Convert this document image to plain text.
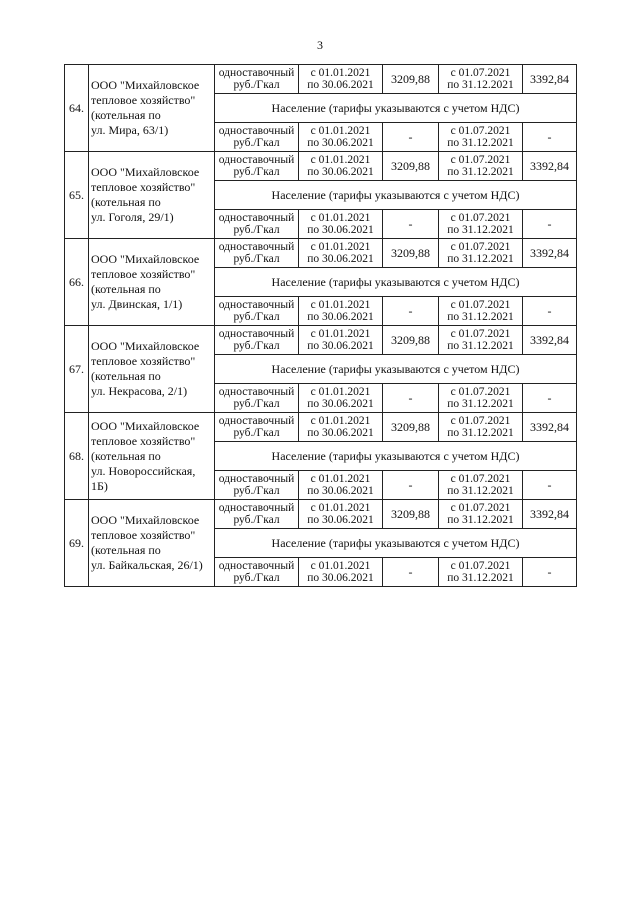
3
64.	ООО "Михайловское
тепловое хозяйство"
(котельная по
ул. Мира, 63/1)	одноставочный
руб./Гкал	с 01.01.2021
по 30.06.2021	3209,88	с 01.07.2021
по 31.12.2021	3392,84

		Население (тарифы указываются с учетом НДС)				

		одноставочный
руб./Гкал	с 01.01.2021
по 30.06.2021	-	с 01.07.2021
по 31.12.2021	-

65.	ООО "Михайловское
тепловое хозяйство"
(котельная по
ул. Гоголя, 29/1)	одноставочный
руб./Гкал	с 01.01.2021
по 30.06.2021	3209,88	с 01.07.2021
по 31.12.2021	3392,84

		Население (тарифы указываются с учетом НДС)				

		одноставочный
руб./Гкал	с 01.01.2021
по 30.06.2021	-	с 01.07.2021
по 31.12.2021	-

66.	ООО "Михайловское
тепловое хозяйство"
(котельная по
ул. Двинская, 1/1)	одноставочный
руб./Гкал	с 01.01.2021
по 30.06.2021	3209,88	с 01.07.2021
по 31.12.2021	3392,84

		Население (тарифы указываются с учетом НДС)				

		одноставочный
руб./Гкал	с 01.01.2021
по 30.06.2021	-	с 01.07.2021
по 31.12.2021	-

67.	ООО "Михайловское
тепловое хозяйство"
(котельная по
ул. Некрасова, 2/1)	одноставочный
руб./Гкал	с 01.01.2021
по 30.06.2021	3209,88	с 01.07.2021
по 31.12.2021	3392,84

		Население (тарифы указываются с учетом НДС)				

		одноставочный
руб./Гкал	с 01.01.2021
по 30.06.2021	-	с 01.07.2021
по 31.12.2021	-

68.	ООО "Михайловское
тепловое хозяйство"
(котельная по
ул. Новороссийская,
1Б)	одноставочный
руб./Гкал	с 01.01.2021
по 30.06.2021	3209,88	с 01.07.2021
по 31.12.2021	3392,84

		Население (тарифы указываются с учетом НДС)				

		одноставочный
руб./Гкал	с 01.01.2021
по 30.06.2021	-	с 01.07.2021
по 31.12.2021	-

69.	ООО "Михайловское
тепловое хозяйство"
(котельная по
ул. Байкальская, 26/1)	одноставочный
руб./Гкал	с 01.01.2021
по 30.06.2021	3209,88	с 01.07.2021
по 31.12.2021	3392,84

		Население (тарифы указываются с учетом НДС)				

		одноставочный
руб./Гкал	с 01.01.2021
по 30.06.2021	-	с 01.07.2021
по 31.12.2021	-
